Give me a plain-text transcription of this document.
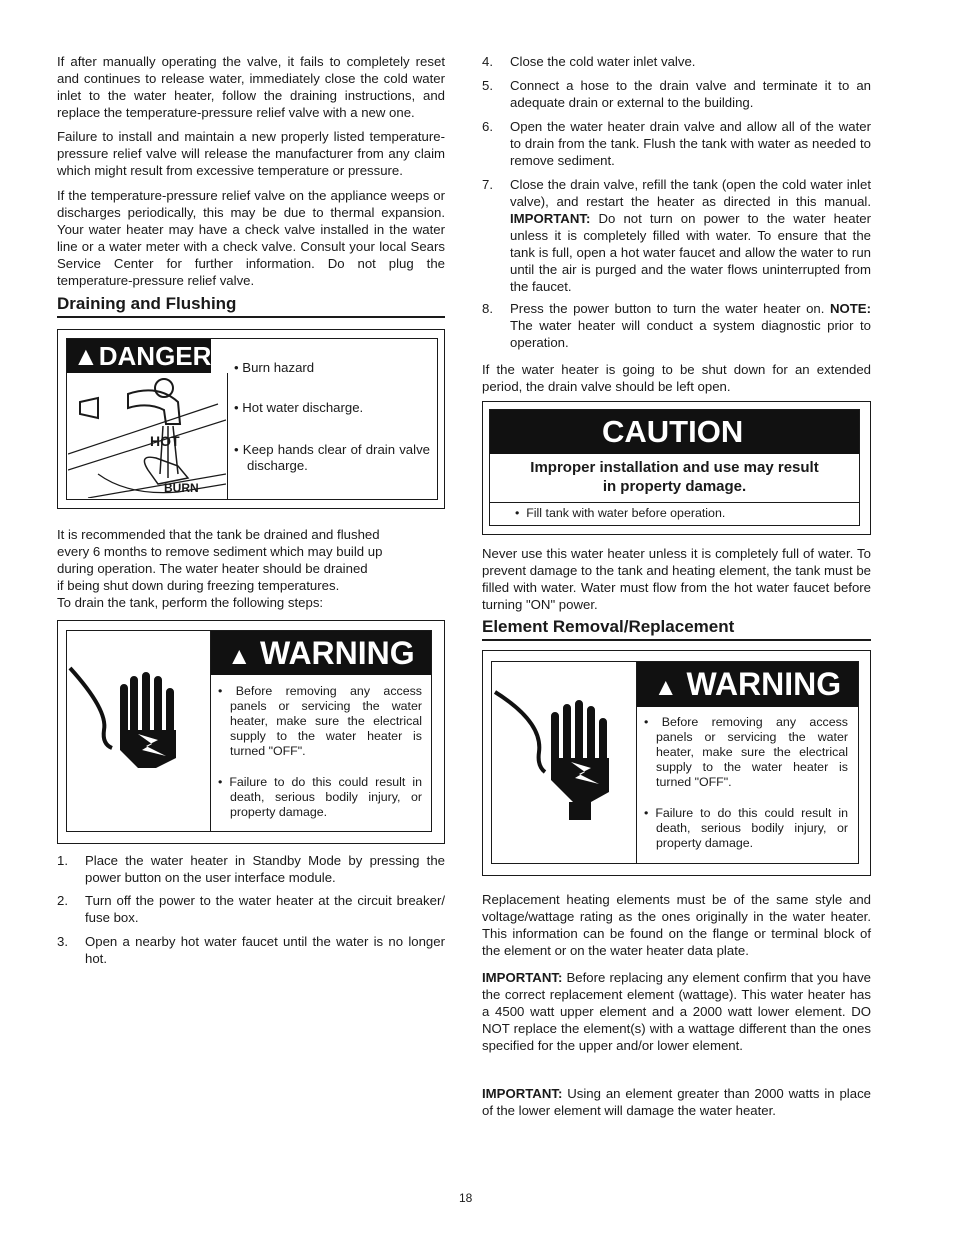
If after manually operating the valve, it fails to completely reset and continues to release water, immediately close the cold water inlet to the water heater, follow the draining instructions, and replace the temperature-pressure relief valve with a new one.

Failure to install and maintain a new properly listed temperature-pressure relief valve will release the manufacturer from any claim which might result from excessive temperature or pressure.

If the temperature-pressure relief valve on the appliance weeps or discharges periodically, this may be due to thermal expansion. Your water heater may have a check valve installed in the water line or a water meter with a check valve. Consult your local Sears Service Center for further information. Do not plug the temperature-pressure relief valve.

Draining and Flushing
▲DANGER
HOT
BURN
• Burn hazard
• Hot water discharge.
• Keep hands clear of drain valve discharge.
It is recommended that the tank be drained and flushed
every 6 months to remove sediment which may build up
during operation. The water heater should be drained
if being shut down during freezing temperatures.
To drain the tank, perform the following steps:
▲ WARNING
• Before removing any access panels or servicing the water heater, make sure the electrical supply to the water heater is turned "OFF".
• Failure to do this could result in death, serious bodily injury, or property damage.
1. Place the water heater in Standby Mode by pressing the power button on the user interface module.
2. Turn off the power to the water heater at the circuit breaker/ fuse box.
3. Open a nearby hot water faucet until the water is no longer hot.
4. Close the cold water inlet valve.
5. Connect a hose to the drain valve and terminate it to an adequate drain or external to the building.
6. Open the water heater drain valve and allow all of the water to drain from the tank. Flush the tank with water as needed to remove sediment.
7. Close the drain valve, refill the tank (open the cold water inlet valve), and restart the heater as directed in this manual. IMPORTANT: Do not turn on power to the water heater unless it is completely filled with water. To ensure that the tank is full, open a hot water faucet and allow the water to run until the air is purged and the water flows uninterrupted from the faucet.
8. Press the power button to turn the water heater on. NOTE: The water heater will conduct a system diagnostic prior to operation.

If the water heater is going to be shut down for an extended period, the drain valve should be left open.

CAUTION
Improper installation and use may result
in property damage.
•  Fill tank with water before operation.

Never use this water heater unless it is completely full of water. To prevent damage to the tank and heating element, the tank must be filled with water. Water must flow from the hot water faucet before turning "ON" power.

Element Removal/Replacement
▲ WARNING
• Before removing any access panels or servicing the water heater, make sure the electrical supply to the water heater is turned "OFF".
• Failure to do this could result in death, serious bodily injury, or property damage.

Replacement heating elements must be of the same style and voltage/wattage rating as the ones originally in the water heater. This information can be found on the flange or terminal block of the element or on the water heater data plate.

IMPORTANT: Before replacing any element confirm that you have the correct replacement element (wattage). This water heater has a 4500 watt upper element and a 2000 watt lower element. DO NOT replace the element(s) with a wattage different than the ones specified for the upper and/or lower element.

IMPORTANT: Using an element greater than 2000 watts in place of the lower element will damage the water heater.

18
